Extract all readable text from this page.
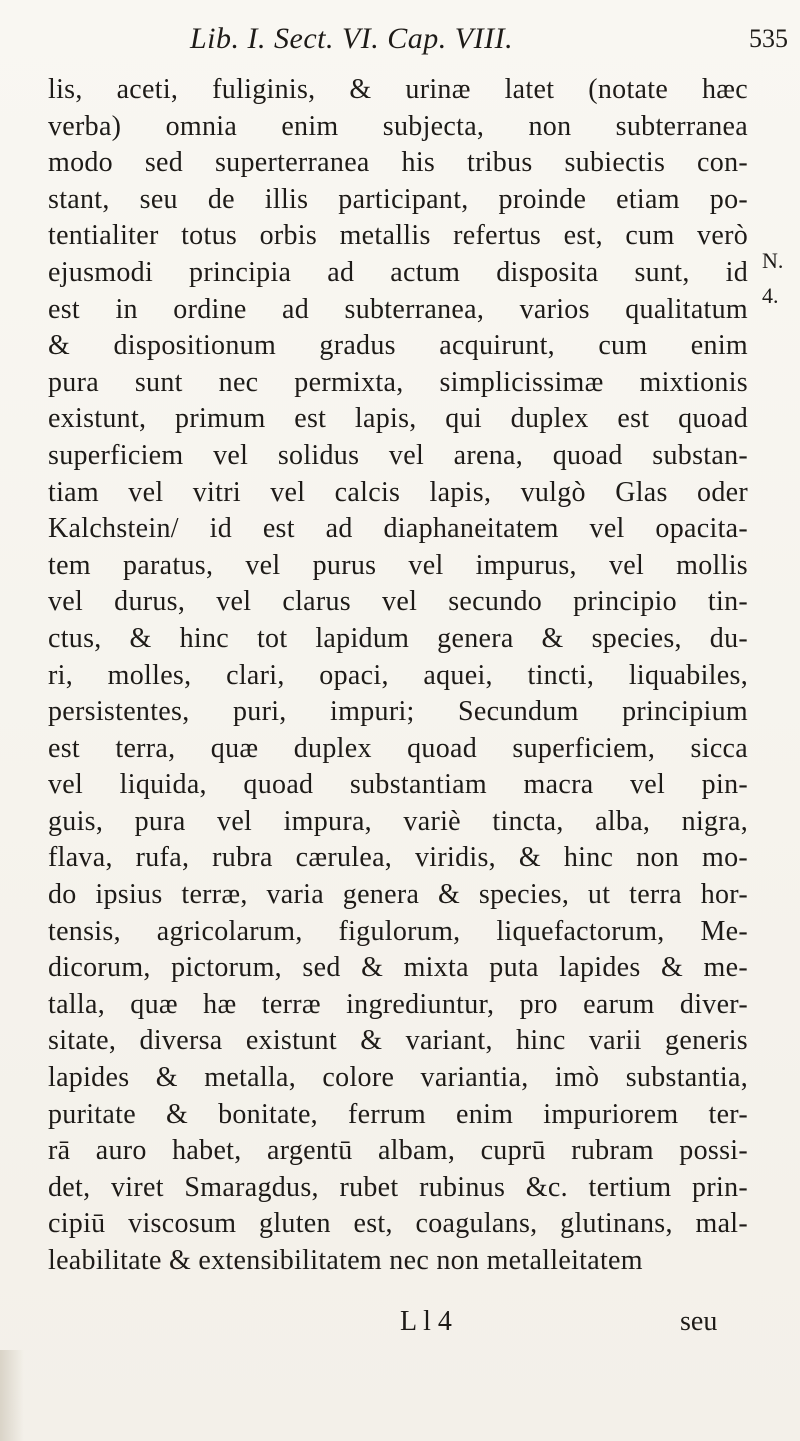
Lib. I. Sect. VI. Cap. VIII.	535
lis, aceti, fuliginis, & urinæ latet (notate hæc
verba) omnia enim subjecta, non subterranea
modo sed superterranea his tribus subiectis con-
stant, seu de illis participant, proinde etiam po-
tentialiter totus orbis metallis refertus est, cum verò
ejusmodi principia ad actum disposita sunt, id
est in ordine ad subterranea, varios qualitatum
& dispositionum gradus acquirunt, cum enim
pura sunt nec permixta, simplicissimæ mixtionis
existunt, primum est lapis, qui duplex est quoad
superficiem vel solidus vel arena, quoad substan-
tiam vel vitri vel calcis lapis, vulgò Glas oder
Kalchstein/ id est ad diaphaneitatem vel opacita-
tem paratus, vel purus vel impurus, vel mollis
vel durus, vel clarus vel secundo principio tin-
ctus, & hinc tot lapidum genera & species, du-
ri, molles, clari, opaci, aquei, tincti, liquabiles,
persistentes, puri, impuri; Secundum principium
est terra, quæ duplex quoad superficiem, sicca
vel liquida, quoad substantiam macra vel pin-
guis, pura vel impura, variè tincta, alba, nigra,
flava, rufa, rubra cærulea, viridis, & hinc non mo-
do ipsius terræ, varia genera & species, ut terra hor-
tensis, agricolarum, figulorum, liquefactorum, Me-
dicorum, pictorum, sed & mixta puta lapides & me-
talla, quæ hæ terræ ingrediuntur, pro earum diver-
sitate, diversa existunt & variant, hinc varii generis
lapides & metalla, colore variantia, imò substantia,
puritate & bonitate, ferrum enim impuriorem ter-
rā auro habet, argentū albam, cuprū rubram possi-
det, viret Smaragdus, rubet rubinus &c. tertium prin-
cipiū viscosum gluten est, coagulans, glutinans, mal-
leabilitate & extensibilitatem nec non metalleitatem
N.
4.
L l 4	seu
